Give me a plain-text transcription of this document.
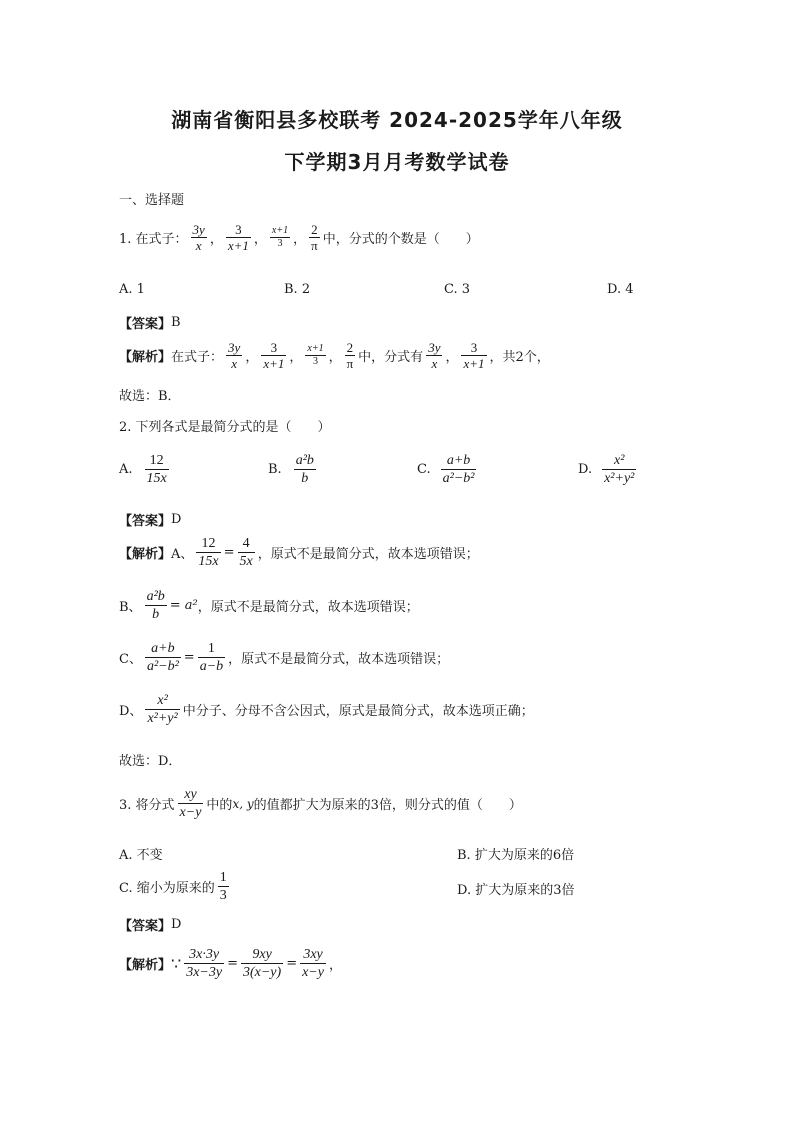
湖南省衡阳县多校联考 2024-2025学年八年级
下学期3月月考数学试卷
一、选择题
1. 在式子： $\frac{3y}{x}$ ， $\frac{3}{x+1}$ ， $\frac{x+1}{3}$ ， $\frac{2}{\pi}$ 中，分式的个数是（　　）
A. 1	B. 2	C. 3	D. 4
【答案】 B
【解析】 在式子： $\frac{3y}{x}$ ， $\frac{3}{x+1}$ ， $\frac{x+1}{3}$ ， $\frac{2}{\pi}$ 中，分式有 $\frac{3y}{x}$ ， $\frac{3}{x+1}$ ，共2个，
故选：B．
2. 下列各式是最简分式的是（　　）
A. $\frac{12}{15x}$	B. $\frac{\text{a²b}}{b}$	C. $\frac{a+b}{\text{a²−b²}}$	D. $\frac{\text{x²}}{\text{x²+y²}}$
【答案】 D
【解析】 A、 $\frac{12}{15x} = \frac{4}{5x}$ ，原式不是最简分式，故本选项错误；
B、 $\frac{\text{a²b}}{b} = a^2$ ，原式不是最简分式，故本选项错误；
C、 $\frac{a+b}{\text{a²−b²}} = \frac{1}{a-b}$ ，原式不是最简分式，故本选项错误；
D、 $\frac{\text{x²}}{\text{x²+y²}}$ 中分子、分母不含公因式，原式是最简分式，故本选项正确；
故选：D．
3. 将分式 $\frac{xy}{x-y}$ 中的 x, y 的值都扩大为原来的3倍，则分式的值（　　）
A. 不变	B. 扩大为原来的6倍
C. 缩小为原来的 $\frac{1}{3}$	D. 扩大为原来的3倍
【答案】 D
【解析】 ∵ $\frac{3x\cdot 3y}{3x-3y} = \frac{9xy}{3(x-y)} = \frac{3xy}{x-y}$ ，
